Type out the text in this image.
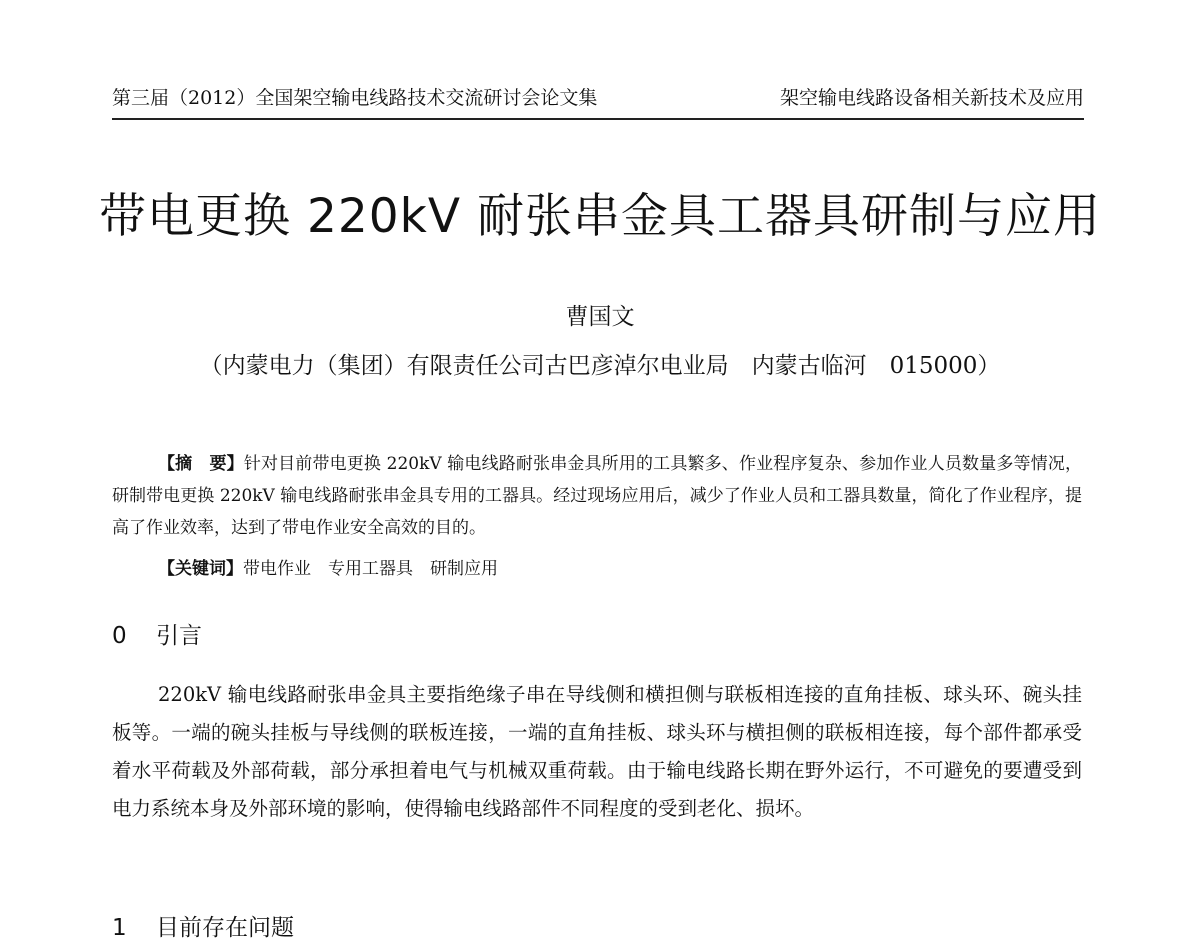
第三届（2012）全国架空输电线路技术交流研讨会论文集	架空输电线路设备相关新技术及应用
带电更换 220kV 耐张串金具工器具研制与应用
曹国文
（内蒙电力（集团）有限责任公司古巴彦淖尔电业局　内蒙古临河　015000）
【摘　要】针对目前带电更换 220kV 输电线路耐张串金具所用的工具繁多、作业程序复杂、参加作业人员数量多等情况，研制带电更换 220kV 输电线路耐张串金具专用的工器具。经过现场应用后，减少了作业人员和工器具数量，简化了作业程序，提高了作业效率，达到了带电作业安全高效的目的。
【关键词】带电作业　专用工器具　研制应用
0 引言

220kV 输电线路耐张串金具主要指绝缘子串在导线侧和横担侧与联板相连接的直角挂板、球头环、碗头挂板等。一端的碗头挂板与导线侧的联板连接，一端的直角挂板、球头环与横担侧的联板相连接，每个部件都承受着水平荷载及外部荷载，部分承担着电气与机械双重荷载。由于输电线路长期在野外运行，不可避免的要遭受到电力系统本身及外部环境的影响，使得输电线路部件不同程度的受到老化、损坏。

1 目前存在问题
